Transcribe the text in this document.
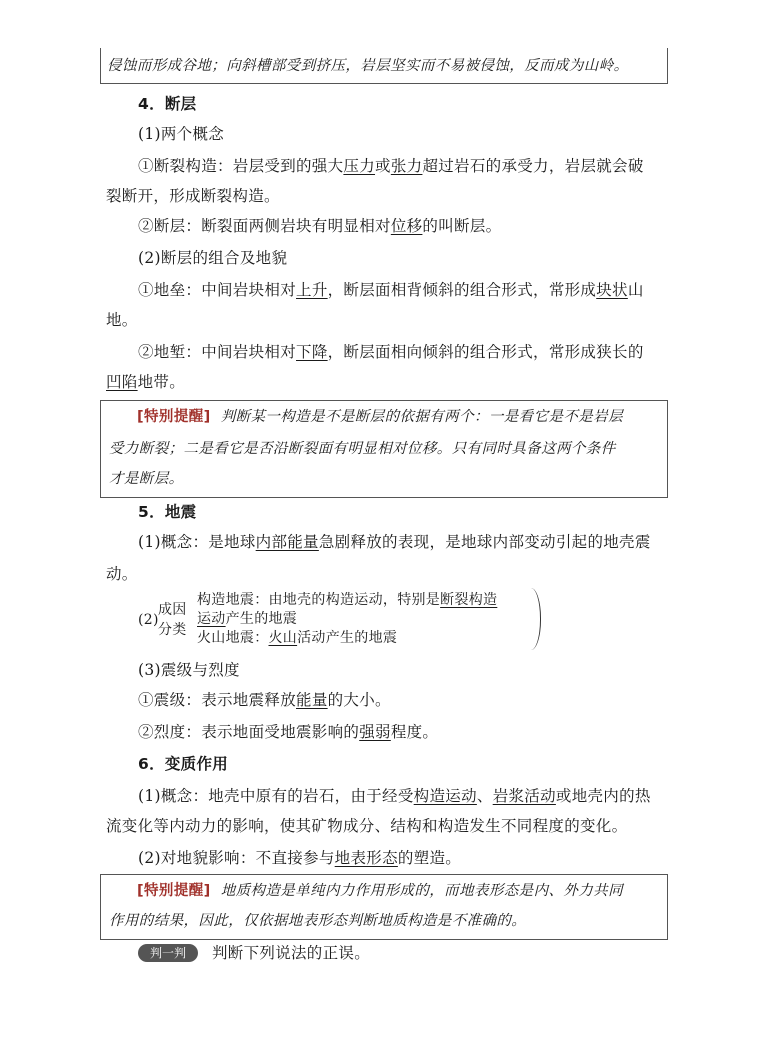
侵蚀而形成谷地；向斜槽部受到挤压，岩层坚实而不易被侵蚀，反而成为山岭。
4．断层
(1)两个概念
①断裂构造：岩层受到的强大压力或张力超过岩石的承受力，岩层就会破
裂断开，形成断裂构造。
②断层：断裂面两侧岩块有明显相对位移的叫断层。
(2)断层的组合及地貌
①地垒：中间岩块相对上升，断层面相背倾斜的组合形式，常形成块状山
地。
②地堑：中间岩块相对下降，断层面相向倾斜的组合形式，常形成狭长的
凹陷地带。
[特别提醒] 判断某一构造是不是断层的依据有两个：一是看它是不是岩层
受力断裂；二是看它是否沿断裂面有明显相对位移。只有同时具备这两个条件
才是断层。
5．地震
(1)概念：是地球内部能量急剧释放的表现，是地球内部变动引起的地壳震
动。
(2)
成因
分类
构造地震：由地壳的构造运动，特别是断裂构造
运动产生的地震
火山地震：火山活动产生的地震
(3)震级与烈度
①震级：表示地震释放能量的大小。
②烈度：表示地面受地震影响的强弱程度。
6．变质作用
(1)概念：地壳中原有的岩石，由于经受构造运动、岩浆活动或地壳内的热
流变化等内动力的影响，使其矿物成分、结构和构造发生不同程度的变化。
(2)对地貌影响：不直接参与地表形态的塑造。
[特别提醒] 地质构造是单纯内力作用形成的，而地表形态是内、外力共同
作用的结果，因此，仅依据地表形态判断地质构造是不准确的。
判一判	判断下列说法的正误。
